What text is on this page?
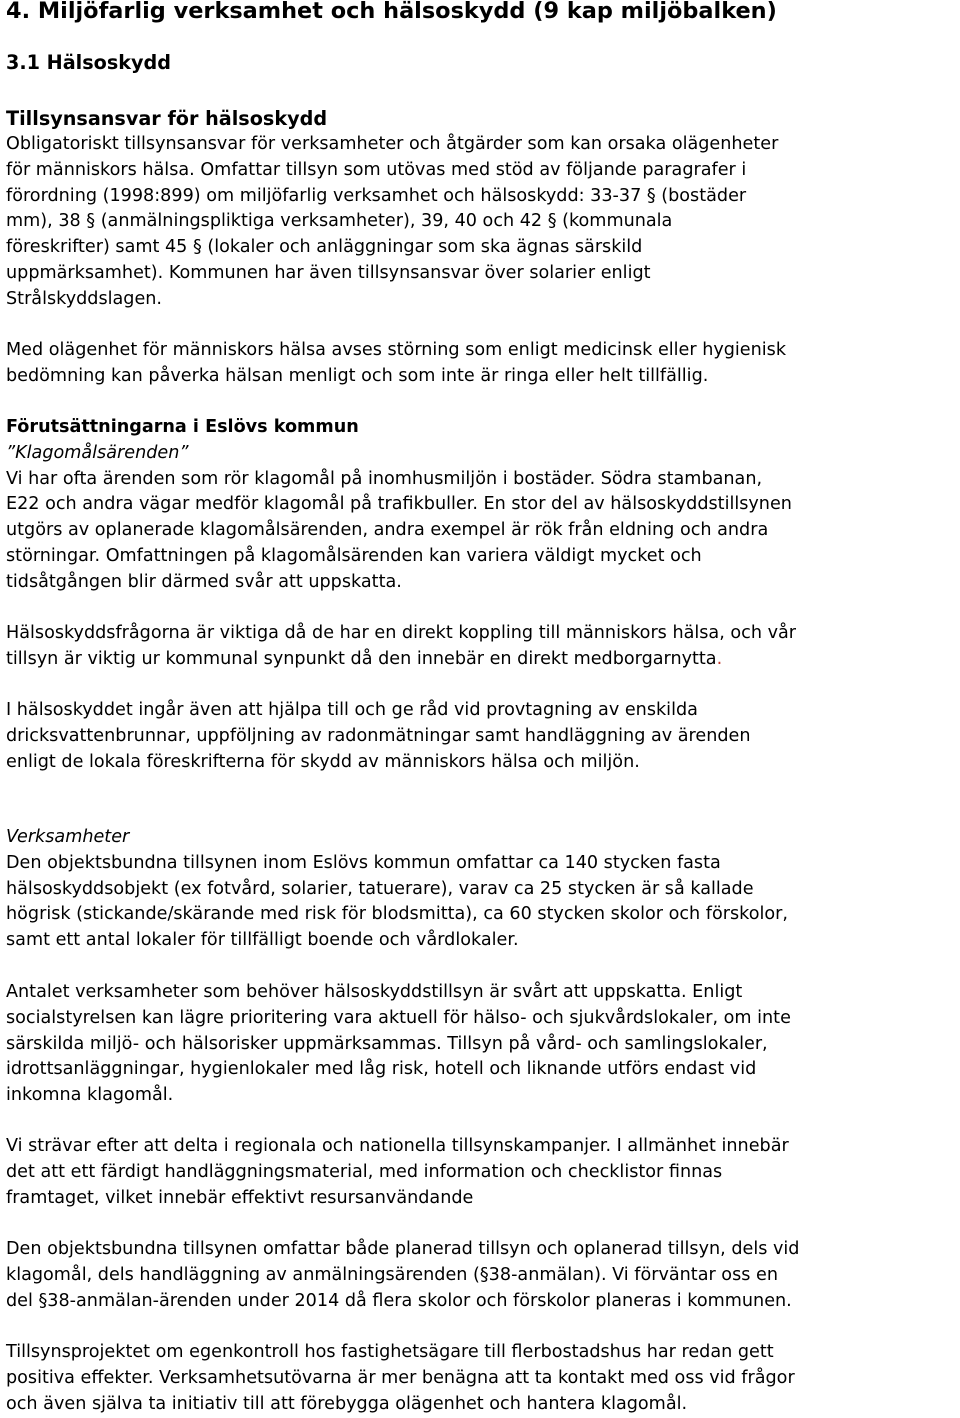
4. Miljöfarlig verksamhet och hälsoskydd (9 kap miljöbalken)
3.1 Hälsoskydd
Tillsynsansvar för hälsoskydd
Obligatoriskt tillsynsansvar för verksamheter och åtgärder som kan orsaka olägenheter
för människors hälsa. Omfattar tillsyn som utövas med stöd av följande paragrafer i
förordning (1998:899) om miljöfarlig verksamhet och hälsoskydd: 33-37 § (bostäder
mm), 38 § (anmälningspliktiga verksamheter), 39, 40 och 42 § (kommunala
föreskrifter) samt 45 § (lokaler och anläggningar som ska ägnas särskild
uppmärksamhet). Kommunen har även tillsynsansvar över solarier enligt
Strålskyddslagen.
Med olägenhet för människors hälsa avses störning som enligt medicinsk eller hygienisk
bedömning kan påverka hälsan menligt och som inte är ringa eller helt tillfällig.
Förutsättningarna i Eslövs kommun
”Klagomålsärenden”
Vi har ofta ärenden som rör klagomål på inomhusmiljön i bostäder. Södra stambanan,
E22 och andra vägar medför klagomål på trafikbuller. En stor del av hälsoskyddstillsynen
utgörs av oplanerade klagomålsärenden, andra exempel är rök från eldning och andra
störningar. Omfattningen på klagomålsärenden kan variera väldigt mycket och
tidsåtgången blir därmed svår att uppskatta.
Hälsoskyddsfrågorna är viktiga då de har en direkt koppling till människors hälsa, och vår
tillsyn är viktig ur kommunal synpunkt då den innebär en direkt medborgarnytta.
I hälsoskyddet ingår även att hjälpa till och ge råd vid provtagning av enskilda
dricksvattenbrunnar, uppföljning av radonmätningar samt handläggning av ärenden
enligt de lokala föreskrifterna för skydd av människors hälsa och miljön.
Verksamheter
Den objektsbundna tillsynen inom Eslövs kommun omfattar ca 140 stycken fasta
hälsoskyddsobjekt (ex fotvård, solarier, tatuerare), varav ca 25 stycken är så kallade
högrisk (stickande/skärande med risk för blodsmitta), ca 60 stycken skolor och förskolor,
samt ett antal lokaler för tillfälligt boende och vårdlokaler.
Antalet verksamheter som behöver hälsoskyddstillsyn är svårt att uppskatta. Enligt
socialstyrelsen kan lägre prioritering vara aktuell för hälso- och sjukvårdslokaler, om inte
särskilda miljö- och hälsorisker uppmärksammas. Tillsyn på vård- och samlingslokaler,
idrottsanläggningar, hygienlokaler med låg risk, hotell och liknande utförs endast vid
inkomna klagomål.
Vi strävar efter att delta i regionala och nationella tillsynskampanjer. I allmänhet innebär
det att ett färdigt handläggningsmaterial, med information och checklistor finnas
framtaget, vilket innebär effektivt resursanvändande
Den objektsbundna tillsynen omfattar både planerad tillsyn och oplanerad tillsyn, dels vid
klagomål, dels handläggning av anmälningsärenden (§38-anmälan). Vi förväntar oss en
del §38-anmälan-ärenden under 2014 då flera skolor och förskolor planeras i kommunen.
Tillsynsprojektet om egenkontroll hos fastighetsägare till flerbostadshus har redan gett
positiva effekter. Verksamhetsutövarna är mer benägna att ta kontakt med oss vid frågor
och även själva ta initiativ till att förebygga olägenhet och hantera klagomål.
